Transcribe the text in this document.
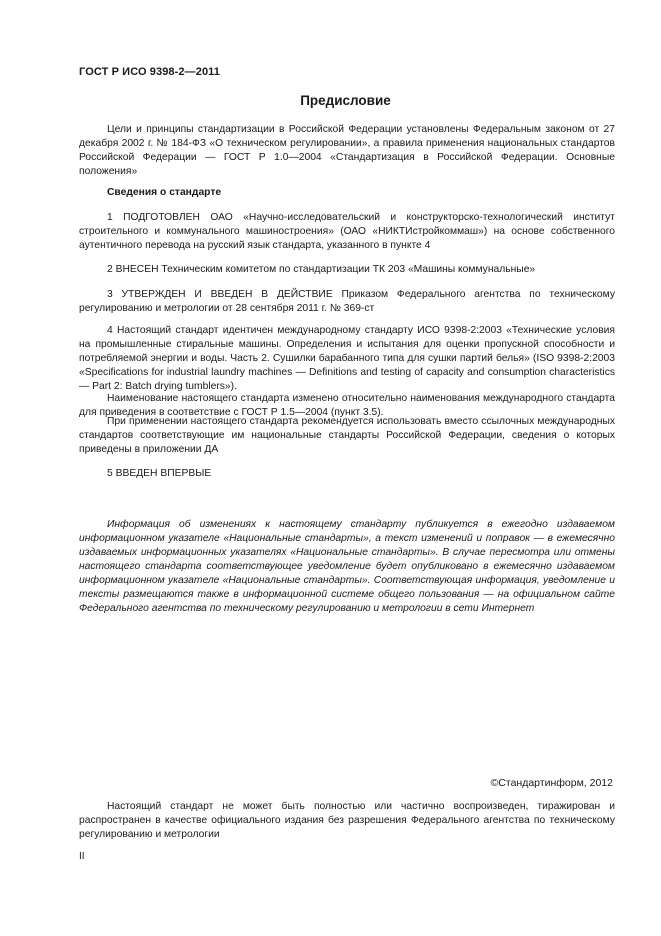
ГОСТ Р ИСО 9398-2—2011
Предисловие

Цели и принципы стандартизации в Российской Федерации установлены Федеральным законом от 27 декабря 2002 г. № 184-ФЗ «О техническом регулировании», а правила применения национальных стандартов Российской Федерации — ГОСТ Р 1.0—2004 «Стандартизация в Российской Федерации. Основные положения»

Сведения о стандарте

1 ПОДГОТОВЛЕН ОАО «Научно-исследовательский и конструкторско-технологический институт строительного и коммунального машиностроения» (ОАО «НИКТИстройкоммаш») на основе собственного аутентичного перевода на русский язык стандарта, указанного в пункте 4

2 ВНЕСЕН Техническим комитетом по стандартизации ТК 203 «Машины коммунальные»

3 УТВЕРЖДЕН И ВВЕДЕН В ДЕЙСТВИЕ Приказом Федерального агентства по техническому регулированию и метрологии от 28 сентября 2011 г. № 369-ст

4 Настоящий стандарт идентичен международному стандарту ИСО 9398-2:2003 «Технические условия на промышленные стиральные машины. Определения и испытания для оценки пропускной способности и потребляемой энергии и воды. Часть 2. Сушилки барабанного типа для сушки партий белья» (ISO 9398-2:2003 «Specifications for industrial laundry machines — Definitions and testing of capacity and consumption characteristics — Part 2: Batch drying tumblers»).

Наименование настоящего стандарта изменено относительно наименования международного стандарта для приведения в соответствие с ГОСТ Р 1.5—2004 (пункт 3.5).

При применении настоящего стандарта рекомендуется использовать вместо ссылочных международных стандартов соответствующие им национальные стандарты Российской Федерации, сведения о которых приведены в приложении ДА

5 ВВЕДЕН ВПЕРВЫЕ

Информация об изменениях к настоящему стандарту публикуется в ежегодно издаваемом информационном указателе «Национальные стандарты», а текст изменений и поправок — в ежемесячно издаваемых информационных указателях «Национальные стандарты». В случае пересмотра или отмены настоящего стандарта соответствующее уведомление будет опубликовано в ежемесячно издаваемом информационном указателе «Национальные стандарты». Соответствующая информация, уведомление и тексты размещаются также в информационной системе общего пользования — на официальном сайте Федерального агентства по техническому регулированию и метрологии в сети Интернет

©Стандартинформ, 2012

Настоящий стандарт не может быть полностью или частично воспроизведен, тиражирован и распространен в качестве официального издания без разрешения Федерального агентства по техническому регулированию и метрологии

II
